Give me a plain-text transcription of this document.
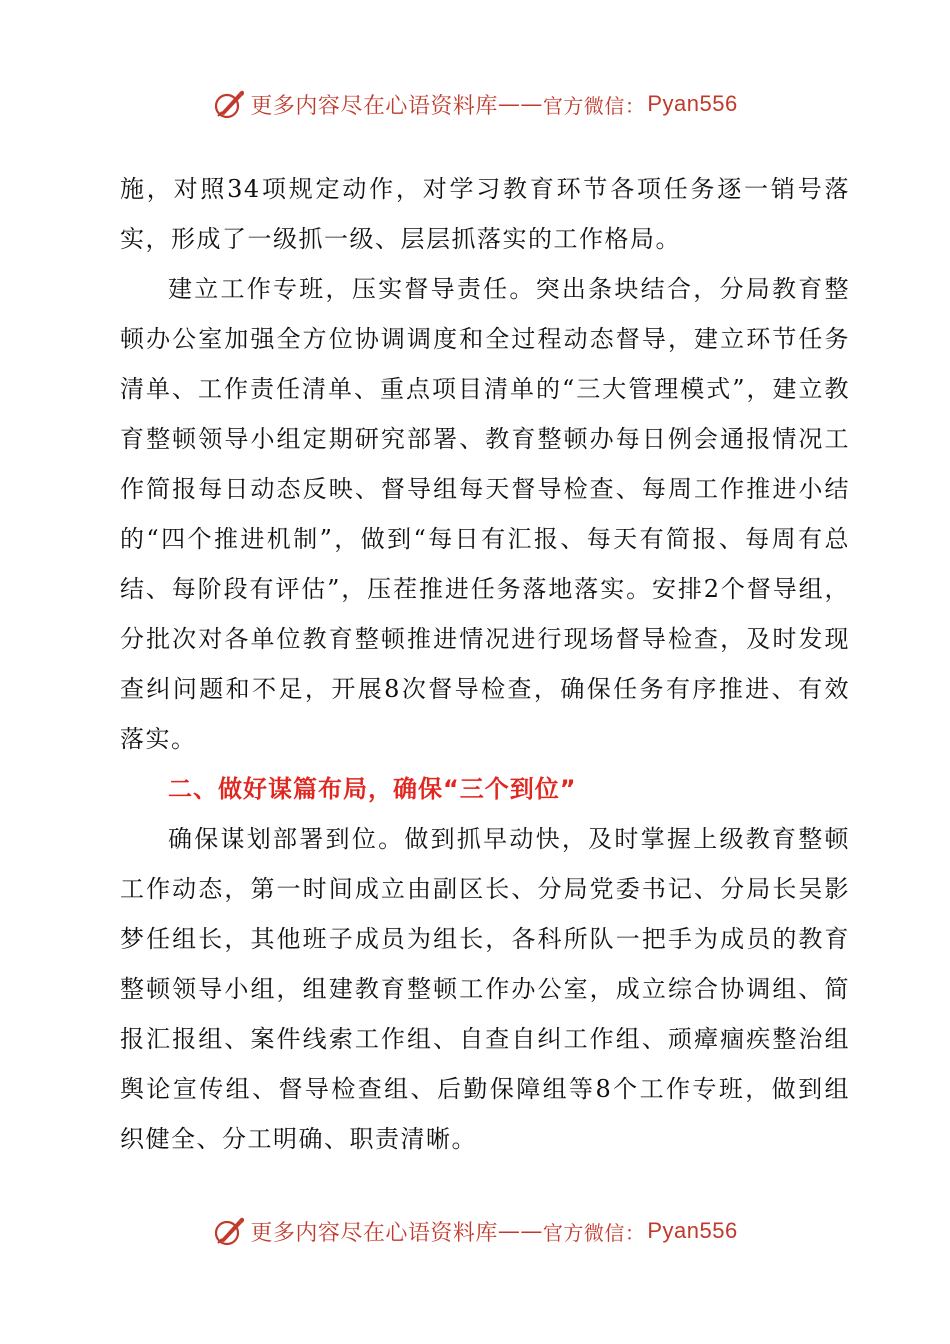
更多内容尽在心语资料库 —— 官方微信： Pyan556

施，对照34项规定动作，对学习教育环节各项任务逐一销号落实，形成了一级抓一级、层层抓落实的工作格局。

建立工作专班，压实督导责任。突出条块结合，分局教育整顿办公室加强全方位协调调度和全过程动态督导，建立环节任务清单、工作责任清单、重点项目清单的“三大管理模式”，建立教育整顿领导小组定期研究部署、教育整顿办每日例会通报情况工作简报每日动态反映、督导组每天督导检查、每周工作推进小结的“四个推进机制”，做到“每日有汇报、每天有简报、每周有总结、每阶段有评估”，压茬推进任务落地落实。安排2个督导组，分批次对各单位教育整顿推进情况进行现场督导检查，及时发现查纠问题和不足，开展8次督导检查，确保任务有序推进、有效落实。

二、做好谋篇布局，确保“三个到位”

确保谋划部署到位。做到抓早动快，及时掌握上级教育整顿工作动态，第一时间成立由副区长、分局党委书记、分局长吴影梦任组长，其他班子成员为组长，各科所队一把手为成员的教育整顿领导小组，组建教育整顿工作办公室，成立综合协调组、简报汇报组、案件线索工作组、自查自纠工作组、顽瘴痼疾整治组舆论宣传组、督导检查组、后勤保障组等8个工作专班，做到组织健全、分工明确、职责清晰。

更多内容尽在心语资料库 —— 官方微信： Pyan556
